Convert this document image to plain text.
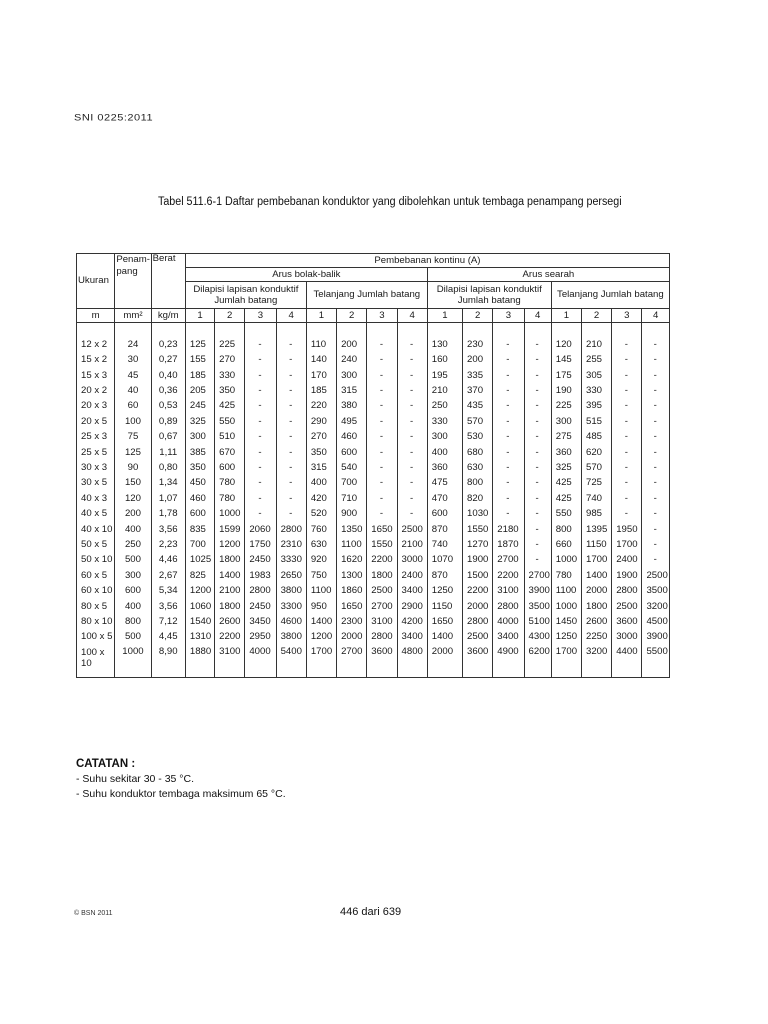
SNI 0225:2011
Tabel 511.6-1 Daftar pembebanan konduktor yang dibolehkan untuk tembaga penampang persegi
Ukuran	Penam- pang	Berat	Pembebanan kontinu (A)															
			Arus bolak-balik								Arus searah							
			Dilapisi lapisan konduktif Jumlah batang				Telanjang Jumlah batang				Dilapisi lapisan konduktif Jumlah batang				Telanjang Jumlah batang			
m	mm²	kg/m	1	2	3	4	1	2	3	4	1	2	3	4	1	2	3	4

12 x 2	24	0,23	125	225	-	-	110	200	-	-	130	230	-	-	120	210	-	-
15 x 2	30	0,27	155	270	-	-	140	240	-	-	160	200	-	-	145	255	-	-
15 x 3	45	0,40	185	330	-	-	170	300	-	-	195	335	-	-	175	305	-	-
20 x 2	40	0,36	205	350	-	-	185	315	-	-	210	370	-	-	190	330	-	-
20 x 3	60	0,53	245	425	-	-	220	380	-	-	250	435	-	-	225	395	-	-
20 x 5	100	0,89	325	550	-	-	290	495	-	-	330	570	-	-	300	515	-	-
25 x 3	75	0,67	300	510	-	-	270	460	-	-	300	530	-	-	275	485	-	-
25 x 5	125	1,11	385	670	-	-	350	600	-	-	400	680	-	-	360	620	-	-
30 x 3	90	0,80	350	600	-	-	315	540	-	-	360	630	-	-	325	570	-	-
30 x 5	150	1,34	450	780	-	-	400	700	-	-	475	800	-	-	425	725	-	-
40 x 3	120	1,07	460	780	-	-	420	710	-	-	470	820	-	-	425	740	-	-
40 x 5	200	1,78	600	1000	-	-	520	900	-	-	600	1030	-	-	550	985	-	-
40 x 10	400	3,56	835	1599	2060	2800	760	1350	1650	2500	870	1550	2180	-	800	1395	1950	-
50 x 5	250	2,23	700	1200	1750	2310	630	1100	1550	2100	740	1270	1870	-	660	1150	1700	-
50 x 10	500	4,46	1025	1800	2450	3330	920	1620	2200	3000	1070	1900	2700	-	1000	1700	2400	-
60 x 5	300	2,67	825	1400	1983	2650	750	1300	1800	2400	870	1500	2200	2700	780	1400	1900	2500
60 x 10	600	5,34	1200	2100	2800	3800	1100	1860	2500	3400	1250	2200	3100	3900	1100	2000	2800	3500
80 x 5	400	3,56	1060	1800	2450	3300	950	1650	2700	2900	1150	2000	2800	3500	1000	1800	2500	3200
80 x 10	800	7,12	1540	2600	3450	4600	1400	2300	3100	4200	1650	2800	4000	5100	1450	2600	3600	4500
100 x 5	500	4,45	1310	2200	2950	3800	1200	2000	2800	3400	1400	2500	3400	4300	1250	2250	3000	3900
100 x 10	1000	8,90	1880	3100	4000	5400	1700	2700	3600	4800	2000	3600	4900	6200	1700	3200	4400	5500
CATATAN :
- Suhu sekitar 30 - 35 °C.
- Suhu konduktor tembaga maksimum 65 °C.
© BSN 2011	446 dari 639
